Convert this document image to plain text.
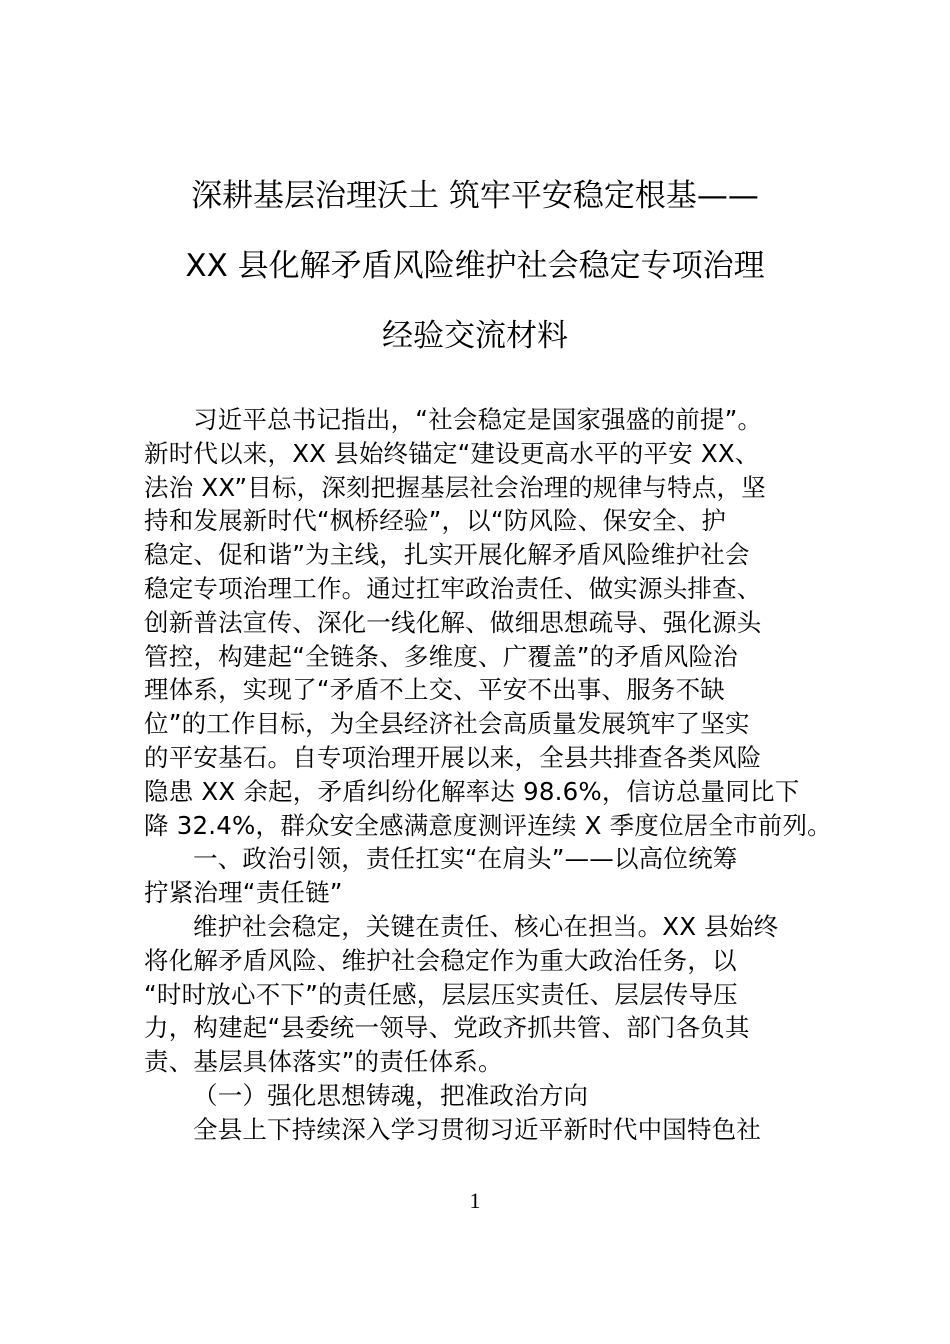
深耕基层治理沃土 筑牢平安稳定根基——
XX 县化解矛盾风险维护社会稳定专项治理
经验交流材料
习近平总书记指出，“社会稳定是国家强盛的前提”。
新时代以来，XX 县始终锚定“建设更高水平的平安 XX、
法治 XX”目标，深刻把握基层社会治理的规律与特点，坚
持和发展新时代“枫桥经验”，以“防风险、保安全、护
稳定、促和谐”为主线，扎实开展化解矛盾风险维护社会
稳定专项治理工作。通过扛牢政治责任、做实源头排查、
创新普法宣传、深化一线化解、做细思想疏导、强化源头
管控，构建起“全链条、多维度、广覆盖”的矛盾风险治
理体系，实现了“矛盾不上交、平安不出事、服务不缺
位”的工作目标，为全县经济社会高质量发展筑牢了坚实
的平安基石。自专项治理开展以来，全县共排查各类风险
隐患 XX 余起，矛盾纠纷化解率达 98.6%，信访总量同比下
降 32.4%，群众安全感满意度测评连续 X 季度位居全市前列。
一、政治引领，责任扛实“在肩头”——以高位统筹
拧紧治理“责任链”
维护社会稳定，关键在责任、核心在担当。XX 县始终
将化解矛盾风险、维护社会稳定作为重大政治任务，以
“时时放心不下”的责任感，层层压实责任、层层传导压
力，构建起“县委统一领导、党政齐抓共管、部门各负其
责、基层具体落实”的责任体系。
（一）强化思想铸魂，把准政治方向
全县上下持续深入学习贯彻习近平新时代中国特色社
1
